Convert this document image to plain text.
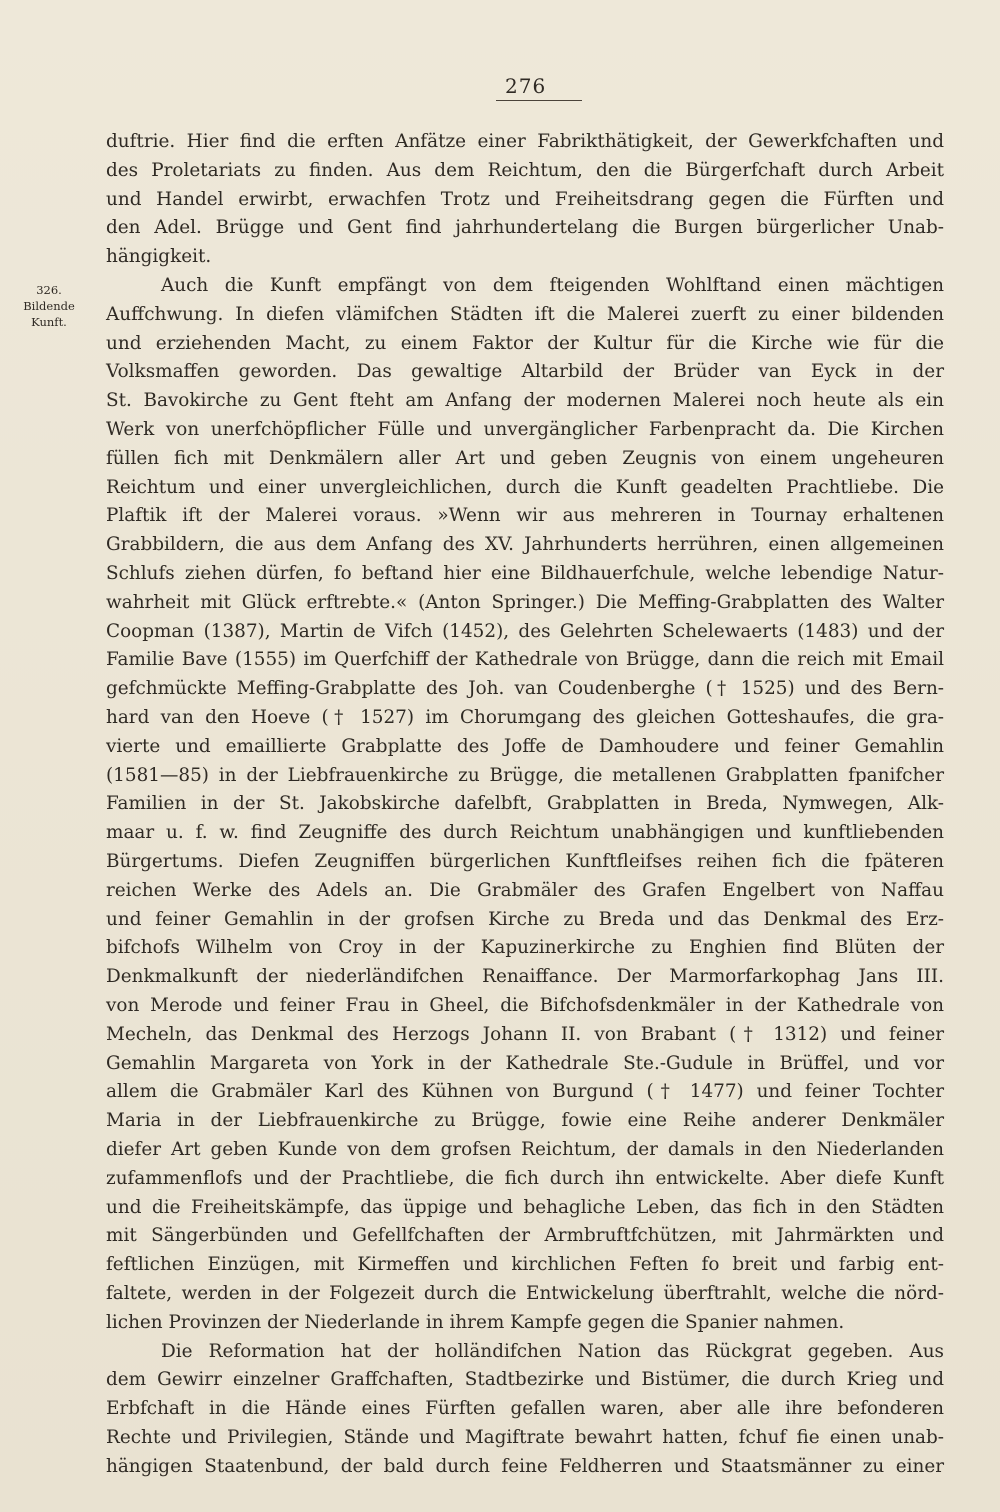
276
326.
Bildende
Kunft.
duftrie. Hier find die erften Anfätze einer Fabrikthätigkeit, der Gewerkfchaften und
des Proletariats zu finden. Aus dem Reichtum, den die Bürgerfchaft durch Arbeit
und Handel erwirbt, erwachfen Trotz und Freiheitsdrang gegen die Fürften und
den Adel. Brügge und Gent find jahrhundertelang die Burgen bürgerlicher Unab-
hängigkeit.
Auch die Kunft empfängt von dem fteigenden Wohlftand einen mächtigen
Auffchwung. In diefen vlämifchen Städten ift die Malerei zuerft zu einer bildenden
und erziehenden Macht, zu einem Faktor der Kultur für die Kirche wie für die
Volksmaffen geworden. Das gewaltige Altarbild der Brüder van Eyck in der
St. Bavokirche zu Gent fteht am Anfang der modernen Malerei noch heute als ein
Werk von unerfchöpflicher Fülle und unvergänglicher Farbenpracht da. Die Kirchen
füllen fich mit Denkmälern aller Art und geben Zeugnis von einem ungeheuren
Reichtum und einer unvergleichlichen, durch die Kunft geadelten Prachtliebe. Die
Plaftik ift der Malerei voraus. »Wenn wir aus mehreren in Tournay erhaltenen
Grabbildern, die aus dem Anfang des XV. Jahrhunderts herrühren, einen allgemeinen
Schlufs ziehen dürfen, fo beftand hier eine Bildhauerfchule, welche lebendige Natur-
wahrheit mit Glück erftrebte.« (Anton Springer.) Die Meffing-Grabplatten des Walter
Coopman (1387), Martin de Vifch (1452), des Gelehrten Schelewaerts (1483) und der
Familie Bave (1555) im Querfchiff der Kathedrale von Brügge, dann die reich mit Email
gefchmückte Meffing-Grabplatte des Joh. van Coudenberghe († 1525) und des Bern-
hard van den Hoeve († 1527) im Chorumgang des gleichen Gotteshaufes, die gra-
vierte und emaillierte Grabplatte des Joffe de Damhoudere und feiner Gemahlin
(1581—85) in der Liebfrauenkirche zu Brügge, die metallenen Grabplatten fpanifcher
Familien in der St. Jakobskirche dafelbft, Grabplatten in Breda, Nymwegen, Alk-
maar u. f. w. find Zeugniffe des durch Reichtum unabhängigen und kunftliebenden
Bürgertums. Diefen Zeugniffen bürgerlichen Kunftfleifses reihen fich die fpäteren
reichen Werke des Adels an. Die Grabmäler des Grafen Engelbert von Naffau
und feiner Gemahlin in der grofsen Kirche zu Breda und das Denkmal des Erz-
bifchofs Wilhelm von Croy in der Kapuzinerkirche zu Enghien find Blüten der
Denkmalkunft der niederländifchen Renaiffance. Der Marmorfarkophag Jans III.
von Merode und feiner Frau in Gheel, die Bifchofsdenkmäler in der Kathedrale von
Mecheln, das Denkmal des Herzogs Johann II. von Brabant († 1312) und feiner
Gemahlin Margareta von York in der Kathedrale Ste.-Gudule in Brüffel, und vor
allem die Grabmäler Karl des Kühnen von Burgund († 1477) und feiner Tochter
Maria in der Liebfrauenkirche zu Brügge, fowie eine Reihe anderer Denkmäler
diefer Art geben Kunde von dem grofsen Reichtum, der damals in den Niederlanden
zufammenflofs und der Prachtliebe, die fich durch ihn entwickelte. Aber diefe Kunft
und die Freiheitskämpfe, das üppige und behagliche Leben, das fich in den Städten
mit Sängerbünden und Gefellfchaften der Armbruftfchützen, mit Jahrmärkten und
feftlichen Einzügen, mit Kirmeffen und kirchlichen Feften fo breit und farbig ent-
faltete, werden in der Folgezeit durch die Entwickelung überftrahlt, welche die nörd-
lichen Provinzen der Niederlande in ihrem Kampfe gegen die Spanier nahmen.
Die Reformation hat der holländifchen Nation das Rückgrat gegeben. Aus
dem Gewirr einzelner Graffchaften, Stadtbezirke und Bistümer, die durch Krieg und
Erbfchaft in die Hände eines Fürften gefallen waren, aber alle ihre befonderen
Rechte und Privilegien, Stände und Magiftrate bewahrt hatten, fchuf fie einen unab-
hängigen Staatenbund, der bald durch feine Feldherren und Staatsmänner zu einer
